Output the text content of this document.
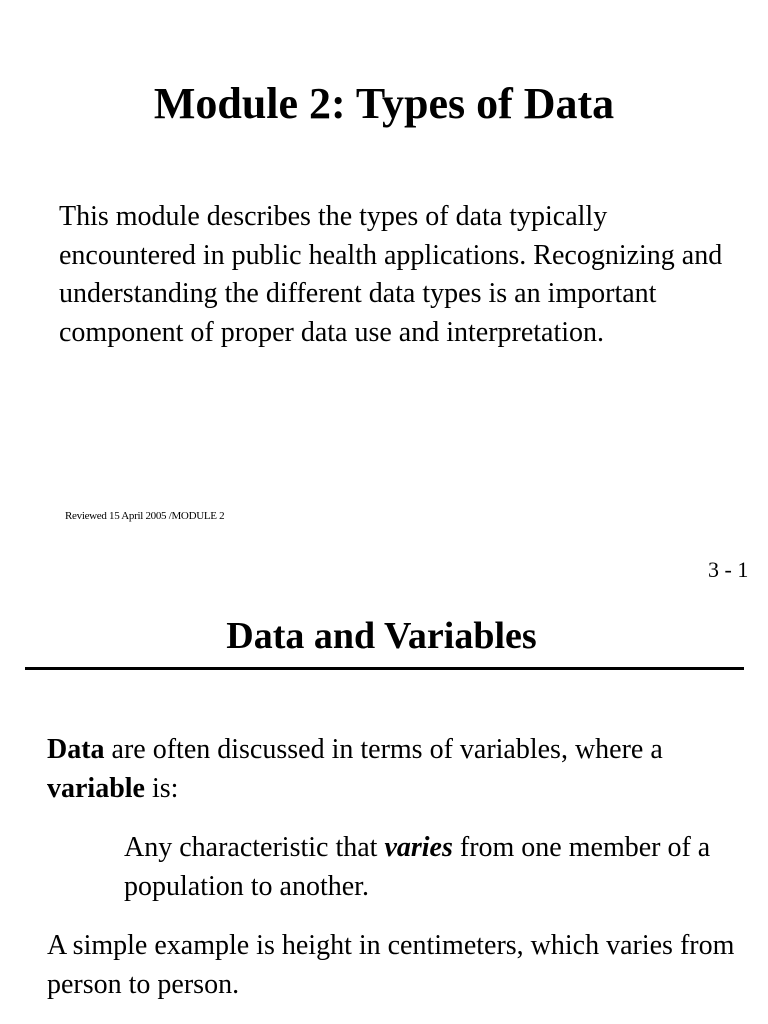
Module 2: Types of Data

This module describes the types of data typically encountered in public health applications. Recognizing and understanding the different data types is an important component of proper data use and interpretation.

Reviewed 15 April 2005 /MODULE 2
3 - 1
Data and Variables

Data are often discussed in terms of variables, where a variable is:

Any characteristic that varies from one member of a population to another.

A simple example is height in centimeters, which varies from person to person.
